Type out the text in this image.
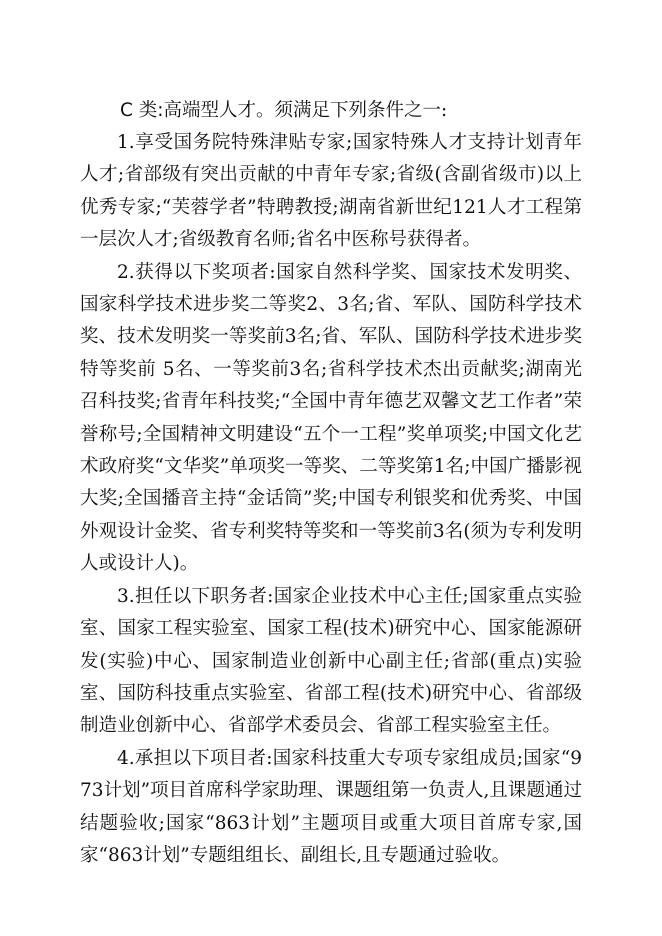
C 类:高端型人才。须满足下列条件之一:

1.享受国务院特殊津贴专家;国家特殊人才支持计划青年人才;省部级有突出贡献的中青年专家;省级(含副省级市)以上优秀专家;“芙蓉学者”特聘教授;湖南省新世纪121人才工程第一层次人才;省级教育名师;省名中医称号获得者。

2.获得以下奖项者:国家自然科学奖、国家技术发明奖、国家科学技术进步奖二等奖2、3名;省、军队、国防科学技术奖、技术发明奖一等奖前3名;省、军队、国防科学技术进步奖特等奖前 5名、一等奖前3名;省科学技术杰出贡献奖;湖南光召科技奖;省青年科技奖;“全国中青年德艺双馨文艺工作者”荣誉称号;全国精神文明建设“五个一工程”奖单项奖;中国文化艺术政府奖“文华奖”单项奖一等奖、二等奖第1名;中国广播影视大奖;全国播音主持“金话筒”奖;中国专利银奖和优秀奖、中国外观设计金奖、省专利奖特等奖和一等奖前3名(须为专利发明人或设计人)。

3.担任以下职务者:国家企业技术中心主任;国家重点实验室、国家工程实验室、国家工程(技术)研究中心、国家能源研发(实验)中心、国家制造业创新中心副主任;省部(重点)实验室、国防科技重点实验室、省部工程(技术)研究中心、省部级制造业创新中心、省部学术委员会、省部工程实验室主任。

4.承担以下项目者:国家科技重大专项专家组成员;国家“973计划”项目首席科学家助理、课题组第一负责人,且课题通过结题验收;国家“863计划”主题项目或重大项目首席专家,国家“863计划”专题组组长、副组长,且专题通过验收。
